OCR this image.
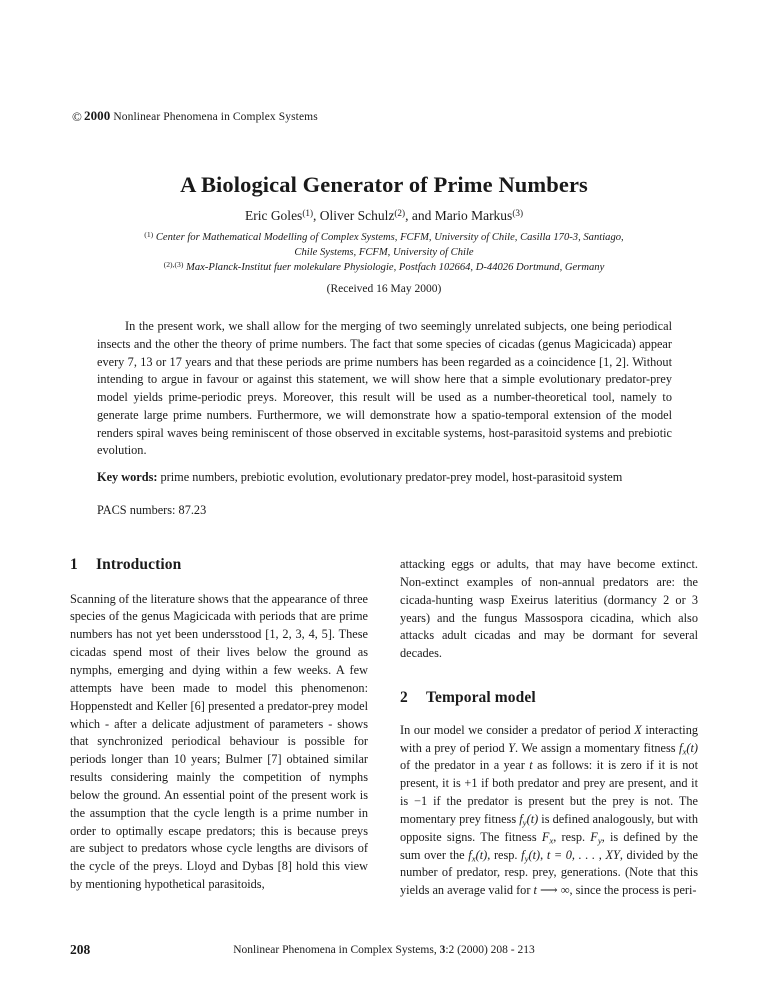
© 2000 Nonlinear Phenomena in Complex Systems
A Biological Generator of Prime Numbers
Eric Goles$^{(1)}$, Oliver Schulz$^{(2)}$, and Mario Markus$^{(3)}$
$^{(1)}$ Center for Mathematical Modelling of Complex Systems, FCFM, University of Chile, Casilla 170-3, Santiago,
Chile Systems, FCFM, University of Chile
$^{(2),(3)}$ Max-Planck-Institut fuer molekulare Physiologie, Postfach 102664, D-44026 Dortmund, Germany
(Received 16 May 2000)

In the present work, we shall allow for the merging of two seemingly unrelated subjects, one being periodical insects and the other the theory of prime numbers. The fact that some species of cicadas (genus Magicicada) appear every 7, 13 or 17 years and that these periods are prime numbers has been regarded as a coincidence [1, 2]. Without intending to argue in favour or against this statement, we will show here that a simple evolutionary predator-prey model yields prime-periodic preys. Moreover, this result will be used as a number-theoretical tool, namely to generate large prime numbers. Furthermore, we will demonstrate how a spatio-temporal extension of the model renders spiral waves being reminiscent of those observed in excitable systems, host-parasitoid systems and prebiotic evolution.

Key words: prime numbers, prebiotic evolution, evolutionary predator-prey model, host-parasitoid system

PACS numbers: 87.23

1 Introduction

Scanning of the literature shows that the appearance of three species of the genus Magicicada with periods that are prime numbers has not yet been undersstood [1, 2, 3, 4, 5]. These cicadas spend most of their lives below the ground as nymphs, emerging and dying within a few weeks. A few attempts have been made to model this phenomenon: Hoppenstedt and Keller [6] presented a predator-prey model which - after a delicate adjustment of parameters - shows that synchronized periodical behaviour is possible for periods longer than 10 years; Bulmer [7] obtained similar results considering mainly the competition of nymphs below the ground. An essential point of the present work is the assumption that the cycle length is a prime number in order to optimally escape predators; this is because preys are subject to predators whose cycle lengths are divisors of the cycle of the preys. Lloyd and Dybas [8] hold this view by mentioning hypothetical parasitoids,

attacking eggs or adults, that may have become extinct. Non-extinct examples of non-annual predators are: the cicada-hunting wasp Exeirus lateritius (dormancy 2 or 3 years) and the fungus Massospora cicadina, which also attacks adult cicadas and may be dormant for several decades.

2 Temporal model

In our model we consider a predator of period X interacting with a prey of period Y. We assign a momentary fitness $f_x(t)$ of the predator in a year t as follows: it is zero if it is not present, it is +1 if both predator and prey are present, and it is −1 if the predator is present but the prey is not. The momentary prey fitness $f_y(t)$ is defined analogously, but with opposite signs. The fitness $F_x$, resp. $F_y$, is defined by the sum over the $f_x(t)$, resp. $f_y(t)$, t = 0, . . . , XY, divided by the number of predator, resp. prey, generations. (Note that this yields an average valid for t ⟶ ∞, since the process is peri-

208	Nonlinear Phenomena in Complex Systems, 3:2 (2000) 208 - 213
